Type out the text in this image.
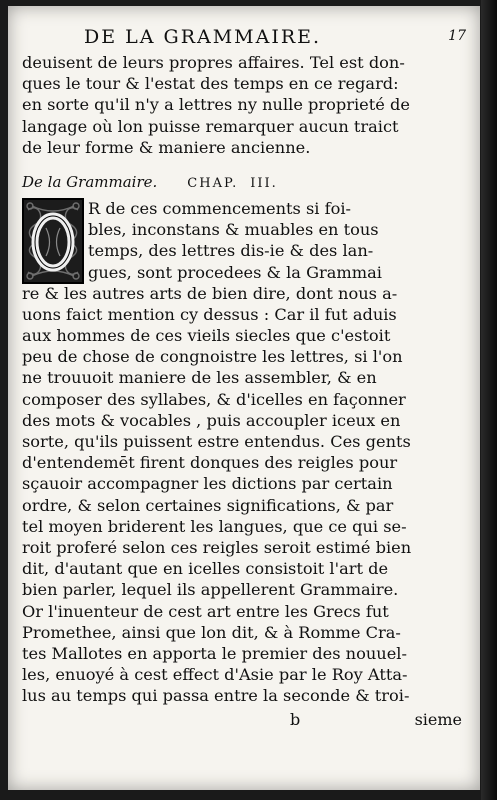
DE LA GRAMMAIRE.	17
deuisent de leurs propres affaires. Tel est don-
ques le tour & l'estat des temps en ce regard:
en sorte qu'il n'y a lettres ny nulle proprieté de
langage où lon puisse remarquer aucun traict
de leur forme & maniere ancienne.
De la Grammaire. CHAP. III.
R de ces commencements si foi-
bles, inconstans & muables en tous
temps, des lettres dis-ie & des lan-
gues, sont procedees & la Grammai
re & les autres arts de bien dire, dont nous a-
uons faict mention cy dessus : Car il fut aduis
aux hommes de ces vieils siecles que c'estoit
peu de chose de congnoistre les lettres, si l'on
ne trouuoit maniere de les assembler, & en
composer des syllabes, & d'icelles en façonner
des mots & vocables , puis accoupler iceux en
sorte, qu'ils puissent estre entendus. Ces gents
d'entendemēt firent donques des reigles pour
sçauoir accompagner les dictions par certain
ordre, & selon certaines significations, & par
tel moyen briderent les langues, que ce qui se-
roit proferé selon ces reigles seroit estimé bien
dit, d'autant que en icelles consistoit l'art de
bien parler, lequel ils appellerent Grammaire.
Or l'inuenteur de cest art entre les Grecs fut
Promethee, ainsi que lon dit, & à Romme Cra-
tes Mallotes en apporta le premier des nouuel-
les, enuoyé à cest effect d'Asie par le Roy Atta-
lus au temps qui passa entre la seconde & troi-
b	sieme
